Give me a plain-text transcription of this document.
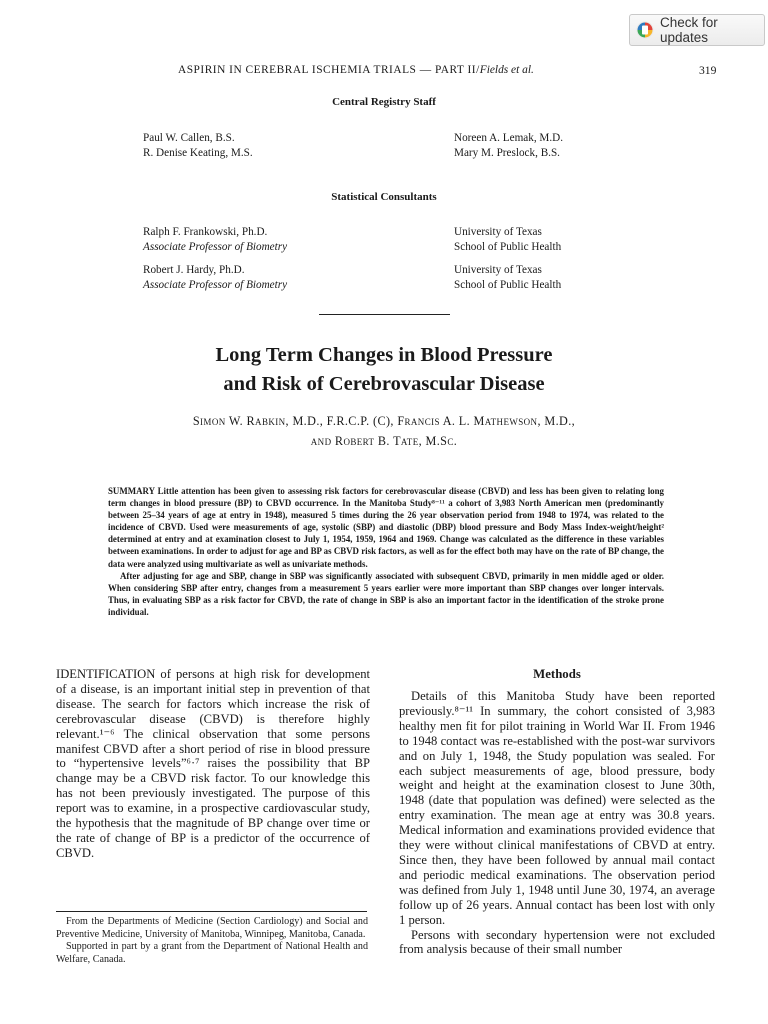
Check for updates
ASPIRIN IN CEREBRAL ISCHEMIA TRIALS — PART II/Fields et al.	319
Central Registry Staff
Paul W. Callen, B.S.
R. Denise Keating, M.S.
Noreen A. Lemak, M.D.
Mary M. Preslock, B.S.
Statistical Consultants
Ralph F. Frankowski, Ph.D.
Associate Professor of Biometry
University of Texas
School of Public Health
Robert J. Hardy, Ph.D.
Associate Professor of Biometry
University of Texas
School of Public Health
Long Term Changes in Blood Pressure
and Risk of Cerebrovascular Disease
Simon W. Rabkin, M.D., F.R.C.P. (C), Francis A. L. Mathewson, M.D.,
and Robert B. Tate, M.Sc.

SUMMARY Little attention has been given to assessing risk factors for cerebrovascular disease (CBVD) and less has been given to relating long term changes in blood pressure (BP) to CBVD occurrence. In the Manitoba Study⁸⁻¹¹ a cohort of 3,983 North American men (predominantly between 25–34 years of age at entry in 1948), measured 5 times during the 26 year observation period from 1948 to 1974, was related to the incidence of CBVD. Used were measurements of age, systolic (SBP) and diastolic (DBP) blood pressure and Body Mass Index-weight/height² determined at entry and at examination closest to July 1, 1954, 1959, 1964 and 1969. Change was calculated as the difference in these variables between examinations. In order to adjust for age and BP as CBVD risk factors, as well as for the effect both may have on the rate of BP change, the data were analyzed using multivariate as well as univariate methods.

After adjusting for age and SBP, change in SBP was significantly associated with subsequent CBVD, primarily in men middle aged or older. When considering SBP after entry, changes from a measurement 5 years earlier were more important than SBP changes over longer intervals. Thus, in evaluating SBP as a risk factor for CBVD, the rate of change in SBP is also an important factor in the identification of the stroke prone individual.

IDENTIFICATION of persons at high risk for development of a disease, is an important initial step in prevention of that disease. The search for factors which increase the risk of cerebrovascular disease (CBVD) is therefore highly relevant.¹⁻⁶ The clinical observation that some persons manifest CBVD after a short period of rise in blood pressure to “hypertensive levels”⁶·⁷ raises the possibility that BP change may be a CBVD risk factor. To our knowledge this has not been previously investigated. The purpose of this report was to examine, in a prospective cardiovascular study, the hypothesis that the magnitude of BP change over time or the rate of change of BP is a predictor of the occurrence of CBVD.

From the Departments of Medicine (Section Cardiology) and Social and Preventive Medicine, University of Manitoba, Winnipeg, Manitoba, Canada.

Supported in part by a grant from the Department of National Health and Welfare, Canada.

Methods

Details of this Manitoba Study have been reported previously.⁸⁻¹¹ In summary, the cohort consisted of 3,983 healthy men fit for pilot training in World War II. From 1946 to 1948 contact was re-established with the post-war survivors and on July 1, 1948, the Study population was sealed. For each subject measurements of age, blood pressure, body weight and height at the examination closest to June 30th, 1948 (date that population was defined) were selected as the entry examination. The mean age at entry was 30.8 years. Medical information and examinations provided evidence that they were without clinical manifestations of CBVD at entry. Since then, they have been followed by annual mail contact and periodic medical examinations. The observation period was defined from July 1, 1948 until June 30, 1974, an average follow up of 26 years. Annual contact has been lost with only 1 person.

Persons with secondary hypertension were not excluded from analysis because of their small number
